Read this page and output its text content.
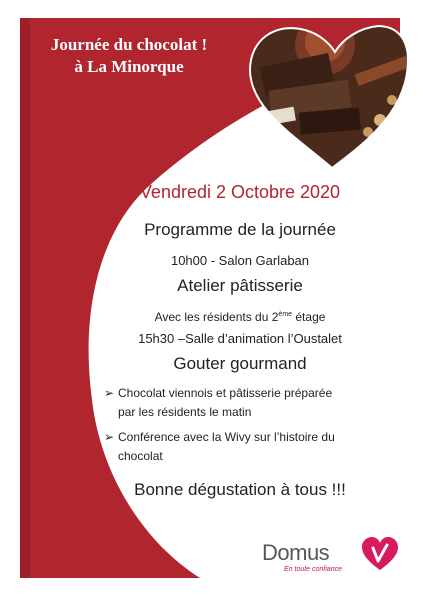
Journée du chocolat !
à La Minorque
Vendredi 2 Octobre 2020
Programme de la journée
10h00 - Salon Garlaban
Atelier pâtisserie
Avec les résidents du 2ème étage
15h30 –Salle d’animation l’Oustalet
Gouter gourmand
➢ Chocolat viennois et pâtisserie préparée
par les résidents le matin
➢ Conférence avec la Wivy sur l’histoire du
chocolat
Bonne dégustation à tous !!!
Domus
En toute confiance
